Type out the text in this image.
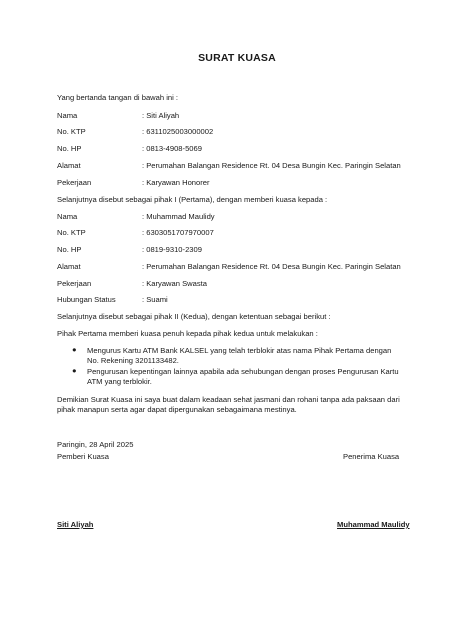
SURAT KUASA
Yang bertanda tangan di bawah ini :
Nama	: Siti Aliyah
No. KTP	: 6311025003000002
No. HP	: 0813-4908-5069
Alamat	: Perumahan Balangan Residence Rt. 04 Desa Bungin Kec. Paringin Selatan
Pekerjaan	: Karyawan Honorer
Selanjutnya disebut sebagai pihak I (Pertama), dengan memberi kuasa kepada :
Nama	: Muhammad Maulidy
No. KTP	: 6303051707970007
No. HP	: 0819-9310-2309
Alamat	: Perumahan Balangan Residence Rt. 04 Desa Bungin Kec. Paringin Selatan
Pekerjaan	: Karyawan Swasta
Hubungan Status	: Suami
Selanjutnya disebut sebagai pihak II (Kedua), dengan ketentuan sebagai berikut :
Pihak Pertama memberi kuasa penuh kepada pihak kedua untuk melakukan :
● Mengurus Kartu ATM Bank KALSEL yang telah terblokir atas nama Pihak Pertama dengan
No. Rekening 3201133482.
● Pengurusan kepentingan lainnya apabila ada sehubungan dengan proses Pengurusan Kartu
ATM yang terblokir.
Demikian Surat Kuasa ini saya buat dalam keadaan sehat jasmani dan rohani tanpa ada paksaan dari
pihak manapun serta agar dapat dipergunakan sebagaimana mestinya.
Paringin, 28 April 2025
Pemberi Kuasa	Penerima Kuasa
Siti Aliyah	Muhammad Maulidy
